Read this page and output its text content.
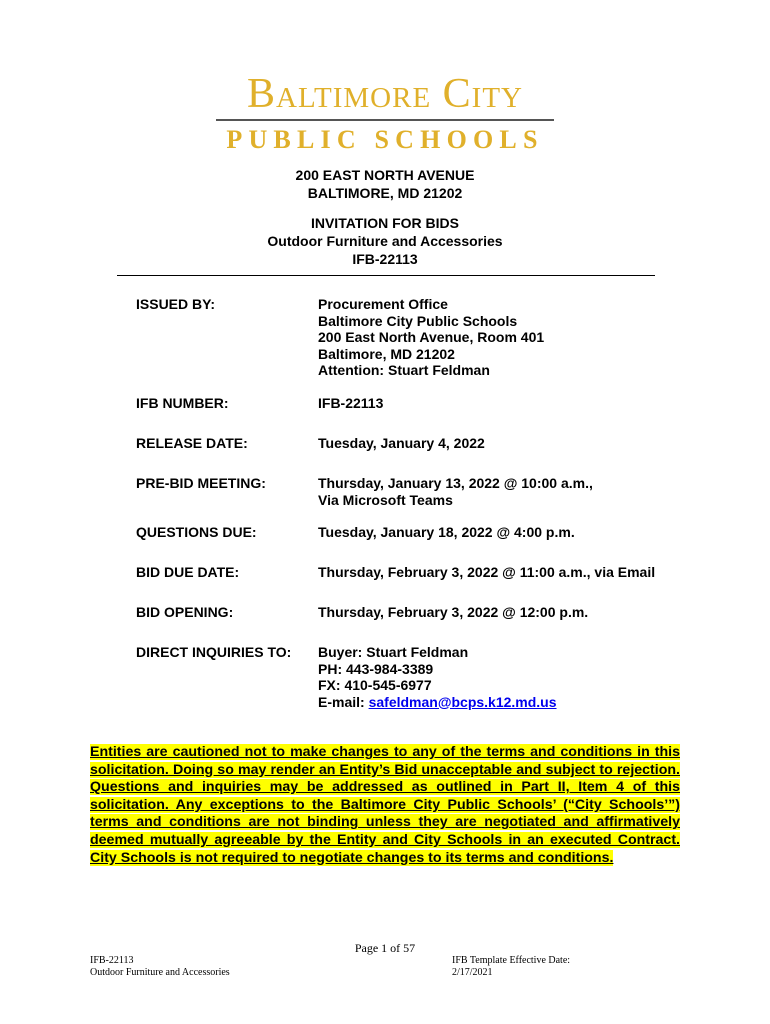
Baltimore City
PUBLIC SCHOOLS
200 EAST NORTH AVENUE
BALTIMORE, MD 21202
INVITATION FOR BIDS
Outdoor Furniture and Accessories
IFB-22113
ISSUED BY:	Procurement Office
Baltimore City Public Schools
200 East North Avenue, Room 401
Baltimore, MD 21202
Attention: Stuart Feldman
IFB NUMBER:	IFB-22113
RELEASE DATE:	Tuesday, January 4, 2022
PRE-BID MEETING:	Thursday, January 13, 2022 @ 10:00 a.m.,
Via Microsoft Teams
QUESTIONS DUE:	Tuesday, January 18, 2022 @ 4:00 p.m.
BID DUE DATE:	Thursday, February 3, 2022 @ 11:00 a.m., via Email
BID OPENING:	Thursday, February 3, 2022 @ 12:00 p.m.
DIRECT INQUIRIES TO:	Buyer: Stuart Feldman
PH: 443-984-3389
FX: 410-545-6977
E-mail: safeldman@bcps.k12.md.us
Entities are cautioned not to make changes to any of the terms and conditions in this solicitation. Doing so may render an Entity’s Bid unacceptable and subject to rejection. Questions and inquiries may be addressed as outlined in Part II, Item 4 of this solicitation. Any exceptions to the Baltimore City Public Schools’ (“City Schools’”) terms and conditions are not binding unless they are negotiated and affirmatively deemed mutually agreeable by the Entity and City Schools in an executed Contract. City Schools is not required to negotiate changes to its terms and conditions.
Page 1 of 57
IFB-22113
Outdoor Furniture and Accessories
IFB Template Effective Date:
2/17/2021
